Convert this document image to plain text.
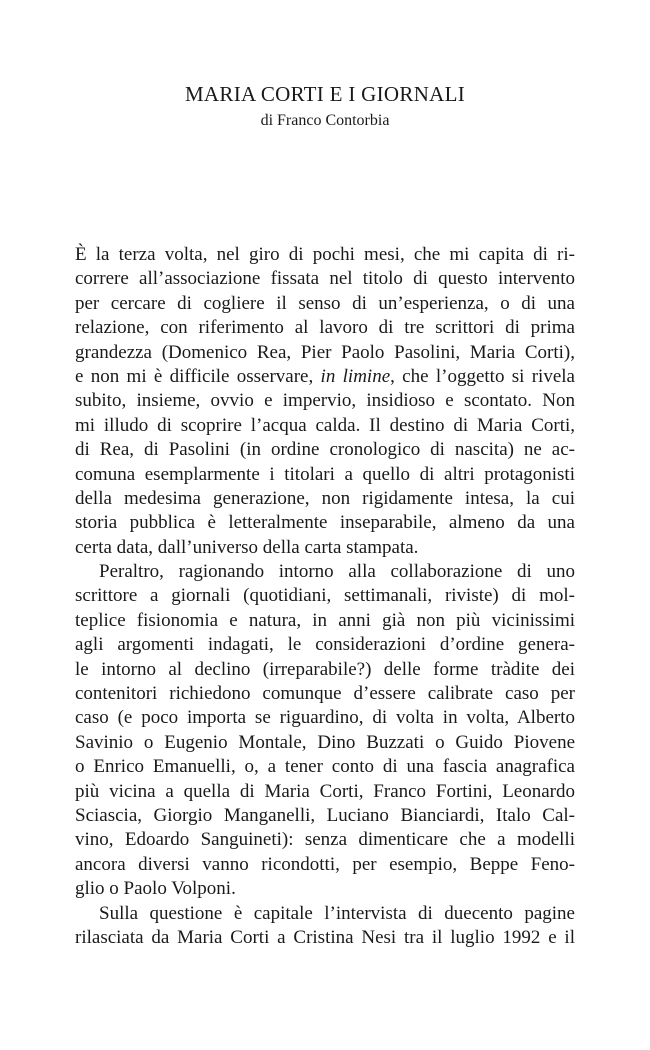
MARIA CORTI E I GIORNALI

di Franco Contorbia

È la terza volta, nel giro di pochi mesi, che mi capita di ri-
correre all’associazione fissata nel titolo di questo intervento
per cercare di cogliere il senso di un’esperienza, o di una
relazione, con riferimento al lavoro di tre scrittori di prima
grandezza (Domenico Rea, Pier Paolo Pasolini, Maria Corti),
e non mi è difficile osservare, in limine, che l’oggetto si rivela
subito, insieme, ovvio e impervio, insidioso e scontato. Non
mi illudo di scoprire l’acqua calda. Il destino di Maria Corti,
di Rea, di Pasolini (in ordine cronologico di nascita) ne ac-
comuna esemplarmente i titolari a quello di altri protagonisti
della medesima generazione, non rigidamente intesa, la cui
storia pubblica è letteralmente inseparabile, almeno da una
certa data, dall’universo della carta stampata.
Peraltro, ragionando intorno alla collaborazione di uno
scrittore a giornali (quotidiani, settimanali, riviste) di mol-
teplice fisionomia e natura, in anni già non più vicinissimi
agli argomenti indagati, le considerazioni d’ordine genera-
le intorno al declino (irreparabile?) delle forme tràdite dei
contenitori richiedono comunque d’essere calibrate caso per
caso (e poco importa se riguardino, di volta in volta, Alberto
Savinio o Eugenio Montale, Dino Buzzati o Guido Piovene
o Enrico Emanuelli, o, a tener conto di una fascia anagrafica
più vicina a quella di Maria Corti, Franco Fortini, Leonardo
Sciascia, Giorgio Manganelli, Luciano Bianciardi, Italo Cal-
vino, Edoardo Sanguineti): senza dimenticare che a modelli
ancora diversi vanno ricondotti, per esempio, Beppe Feno-
glio o Paolo Volponi.
Sulla questione è capitale l’intervista di duecento pagine
rilasciata da Maria Corti a Cristina Nesi tra il luglio 1992 e il
